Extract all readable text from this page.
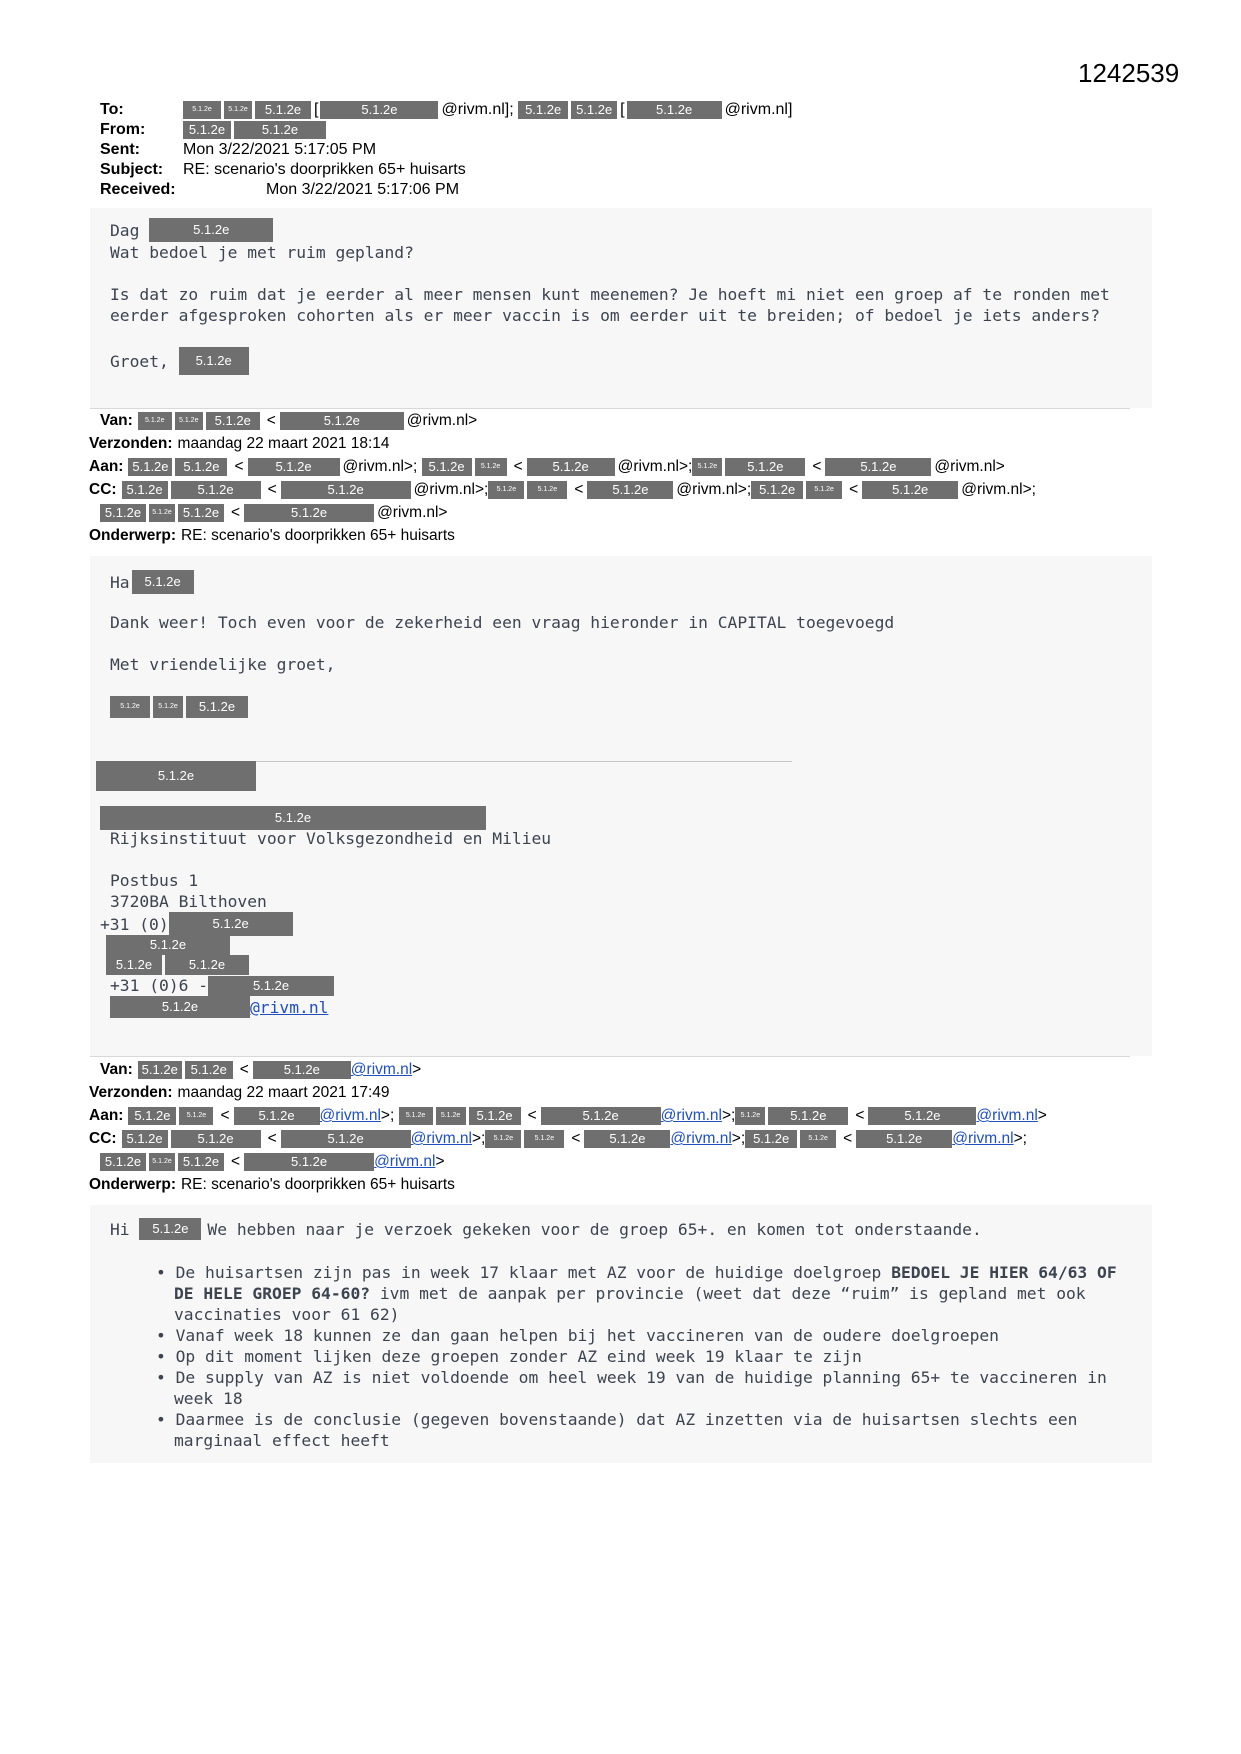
1242539
To:	5.1.2e	5.1.2e	5.1.2e [	5.1.2e	@rivm.nl];
5.1.2e	5.1.2e [	5.1.2e	@rivm.nl]
From:	5.1.2e	5.1.2e
Sent:	Mon 3/22/2021 5:17:05 PM
Subject:	RE: scenario's doorprikken 65+ huisarts
Received:	Mon 3/22/2021 5:17:06 PM

Dag
	5.1.2e

Wat bedoel je met ruim gepland?

Is dat zo ruim dat je eerder al meer mensen kunt meenemen? Je hoeft mi niet een groep af te ronden met eerder afgesproken cohorten als er meer vaccin is om eerder uit te breiden; of bedoel je iets anders?

Groet,
	5.1.2e

Van:	5.1.2e	5.1.2e	5.1.2e	<	5.1.2e	@rivm.nl>
Verzonden: maandag 22 maart 2021 18:14
Aan: 5.1.2e	5.1.2e <	5.1.2e	@rivm.nl>;
5.1.2e	5.1.2e <	5.1.2e	@rivm.nl>; 5.1.2e	5.1.2e	<	5.1.2e	@rivm.nl>
CC: 5.1.2e	5.1.2e	<	5.1.2e	@rivm.nl>;	5.1.2e	5.1.2e	<	5.1.2e	@rivm.nl>; 5.1.2e	5.1.2e <	5.1.2e	@rivm.nl>;
5.1.2e	5.1.2e 5.1.2e <	5.1.2e	@rivm.nl>
Onderwerp: RE: scenario's doorprikken 65+ huisarts

Ha	5.1.2e

Dank weer! Toch even voor de zekerheid een vraag hieronder in CAPITAL toegevoegd

Met vriendelijke groet,

5.1.2e	5.1.2e	5.1.2e

5.1.2e
5.1.2e

Rijksinstituut voor Volksgezondheid en Milieu

Postbus 1

3720BA Bilthoven

+31 (0)	5.1.2e
5.1.2e
5.1.2e	5.1.2e
+31 (0)6 -	5.1.2e
5.1.2e	@rivm.nl
Van: 5.1.2e 5.1.2e <	5.1.2e	@rivm.nl >
Verzonden: maandag 22 maart 2021 17:49
Aan: 5.1.2e	5.1.2e <	5.1.2e	@rivm.nl >;
	5.1.2e	5.1.2e	5.1.2e <	5.1.2e	@rivm.nl >; 5.1.2e	5.1.2e	<	5.1.2e	@rivm.nl >
CC: 5.1.2e	5.1.2e	<	5.1.2e	@rivm.nl >;	5.1.2e	5.1.2e	<	5.1.2e	@rivm.nl >; 5.1.2e	5.1.2e <	5.1.2e	@rivm.nl >;
5.1.2e	5.1.2e 5.1.2e <	5.1.2e	@rivm.nl >
Onderwerp: RE: scenario's doorprikken 65+ huisarts
Hi
	5.1.2e	We hebben naar je verzoek gekeken voor de groep 65+. en komen tot onderstaande.
• De huisartsen zijn pas in week 17 klaar met AZ voor de huidige doelgroep BEDOEL JE HIER 64/63 OF DE HELE GROEP 64-60? ivm met de aanpak per provincie (weet dat deze “ruim” is gepland met ook vaccinaties voor 61 62)
• Vanaf week 18 kunnen ze dan gaan helpen bij het vaccineren van de oudere doelgroepen
• Op dit moment lijken deze groepen zonder AZ eind week 19 klaar te zijn
• De supply van AZ is niet voldoende om heel week 19 van de huidige planning 65+ te vaccineren in week 18
• Daarmee is de conclusie (gegeven bovenstaande) dat AZ inzetten via de huisartsen slechts een marginaal effect heeft
